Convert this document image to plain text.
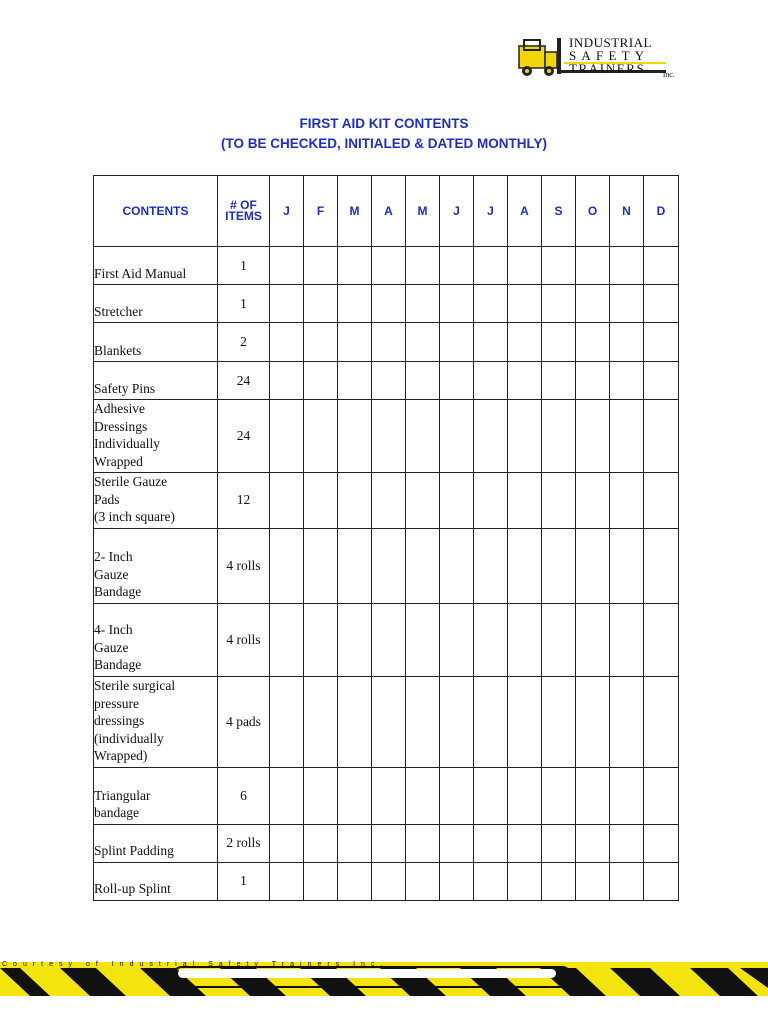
INDUSTRIAL
SAFETY
TRAINERS	inc.
FIRST AID KIT CONTENTS
(TO BE CHECKED, INITIALED & DATED MONTHLY)
CONTENTS	# OF
ITEMS	J	F	M	A	M	J	J	A	S	O	N	D

First Aid Manual	1												

Stretcher	1												

Blankets	2												

Safety Pins	24												

Adhesive
Dressings
Individually
Wrapped	24												

Sterile Gauze
Pads
(3 inch square)	12												

2- Inch
Gauze
Bandage	4 rolls												

4- Inch
Gauze
Bandage	4 rolls												

Sterile surgical
pressure
dressings
(individually
Wrapped)	4 pads												

Triangular
bandage	6												

Splint Padding	2 rolls												

Roll-up Splint	1												
Courtesy of Industrial Safety Trainers Inc.
